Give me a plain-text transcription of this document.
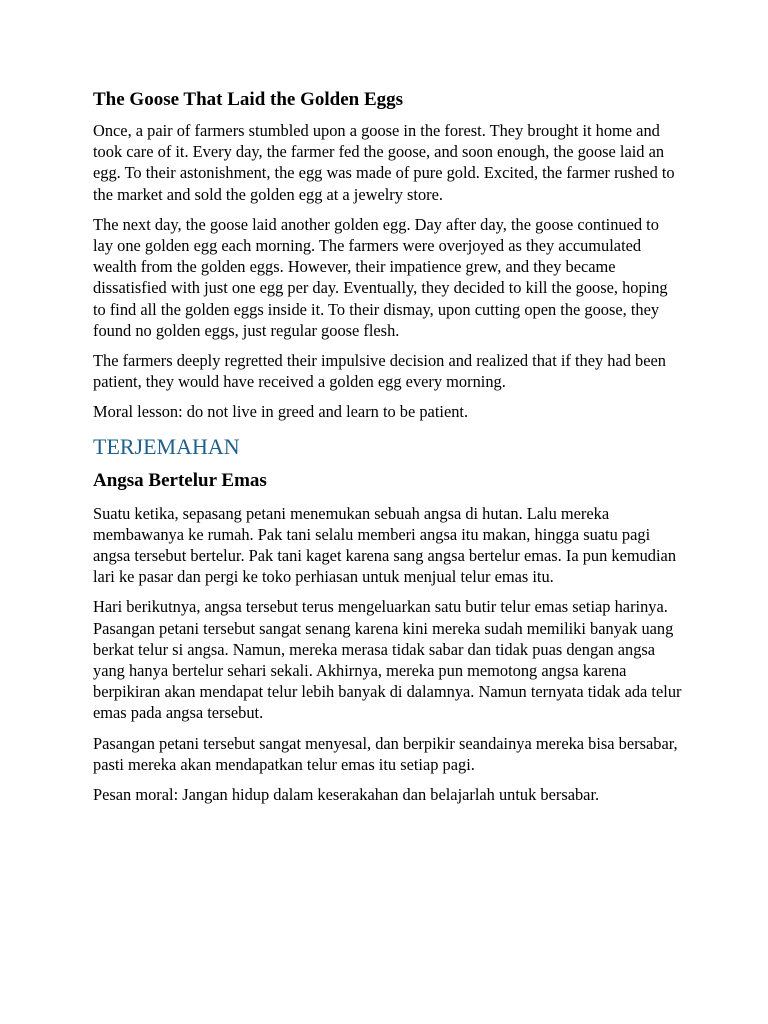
The Goose That Laid the Golden Eggs

Once, a pair of farmers stumbled upon a goose in the forest. They brought it home and took care of it. Every day, the farmer fed the goose, and soon enough, the goose laid an egg. To their astonishment, the egg was made of pure gold. Excited, the farmer rushed to the market and sold the golden egg at a jewelry store.

The next day, the goose laid another golden egg. Day after day, the goose continued to lay one golden egg each morning. The farmers were overjoyed as they accumulated wealth from the golden eggs. However, their impatience grew, and they became dissatisfied with just one egg per day. Eventually, they decided to kill the goose, hoping to find all the golden eggs inside it. To their dismay, upon cutting open the goose, they found no golden eggs, just regular goose flesh.

The farmers deeply regretted their impulsive decision and realized that if they had been patient, they would have received a golden egg every morning.

Moral lesson: do not live in greed and learn to be patient.

TERJEMAHAN
Angsa Bertelur Emas

Suatu ketika, sepasang petani menemukan sebuah angsa di hutan. Lalu mereka membawanya ke rumah. Pak tani selalu memberi angsa itu makan, hingga suatu pagi angsa tersebut bertelur. Pak tani kaget karena sang angsa bertelur emas. Ia pun kemudian lari ke pasar dan pergi ke toko perhiasan untuk menjual telur emas itu.

Hari berikutnya, angsa tersebut terus mengeluarkan satu butir telur emas setiap harinya. Pasangan petani tersebut sangat senang karena kini mereka sudah memiliki banyak uang berkat telur si angsa. Namun, mereka merasa tidak sabar dan tidak puas dengan angsa yang hanya bertelur sehari sekali. Akhirnya, mereka pun memotong angsa karena berpikiran akan mendapat telur lebih banyak di dalamnya. Namun ternyata tidak ada telur emas pada angsa tersebut.

Pasangan petani tersebut sangat menyesal, dan berpikir seandainya mereka bisa bersabar, pasti mereka akan mendapatkan telur emas itu setiap pagi.

Pesan moral: Jangan hidup dalam keserakahan dan belajarlah untuk bersabar.
